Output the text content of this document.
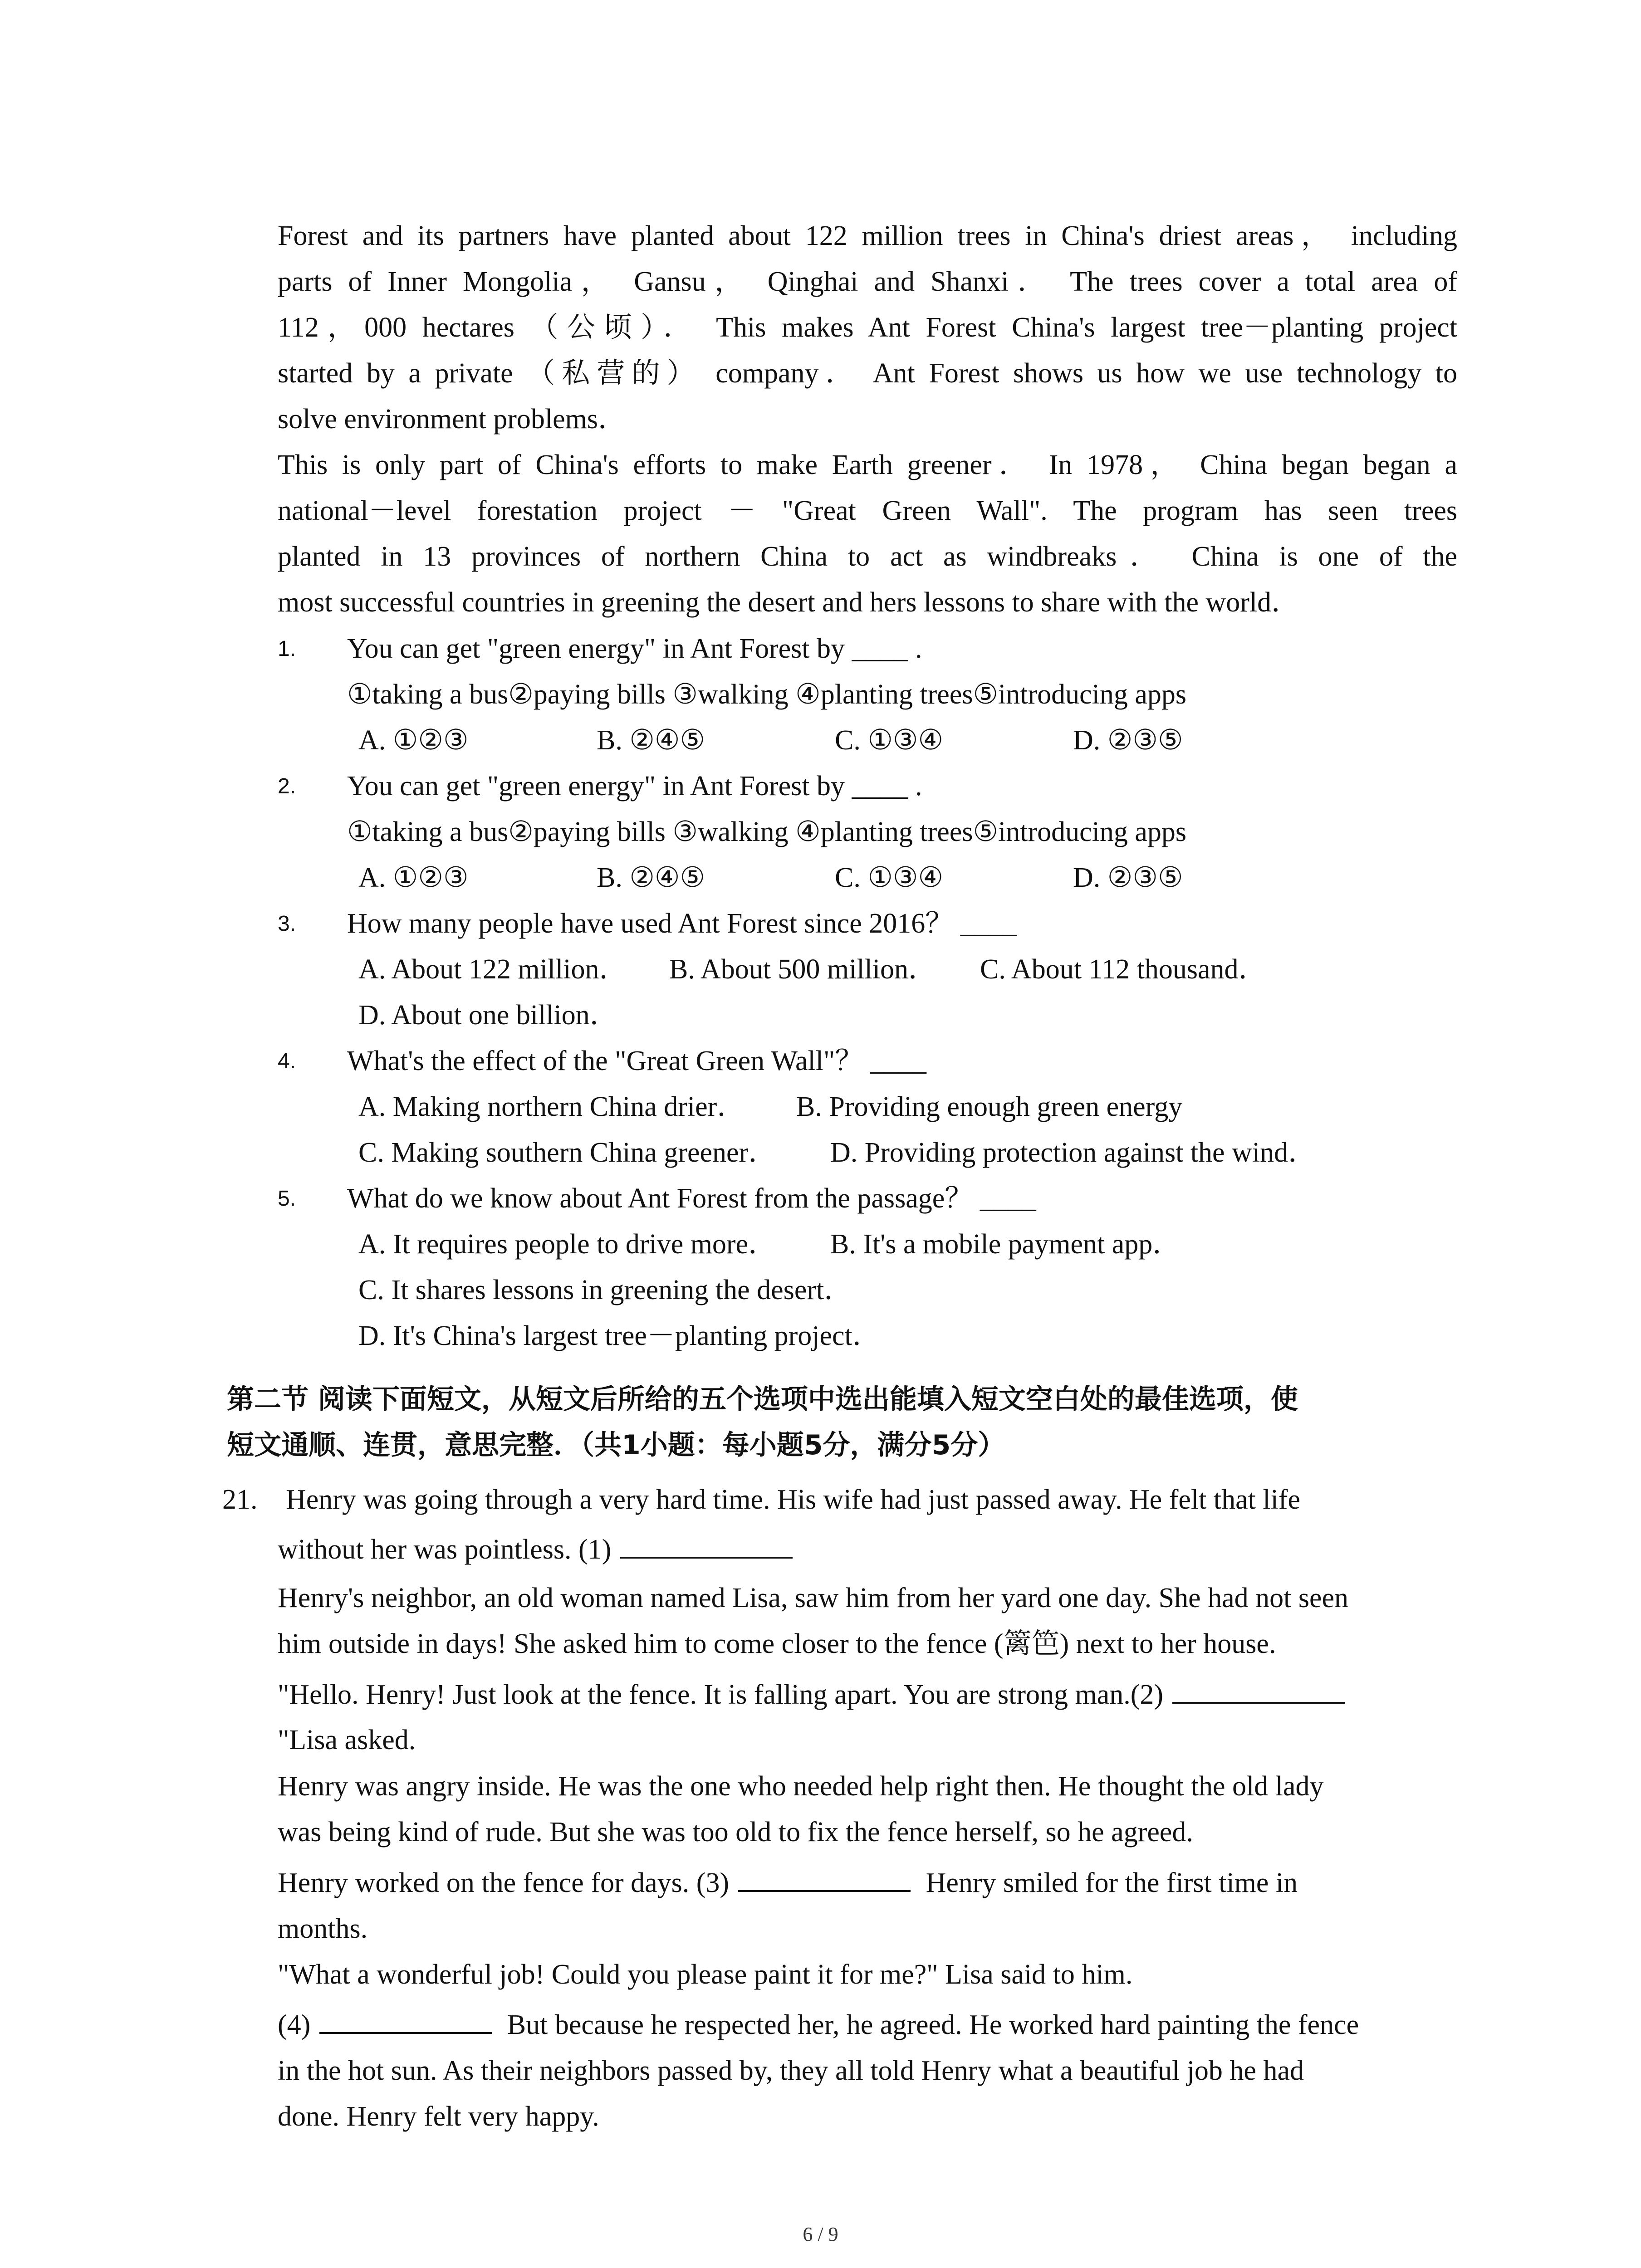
Forest and its partners have planted about 122 million trees in China's driest areas， including
parts of Inner Mongolia， Gansu， Qinghai and Shanxi． The trees cover a total area of
112，000 hectares （公顷）． This makes Ant Forest China's largest tree－planting project
started by a private （私营的） company． Ant Forest shows us how we use technology to
solve environment problems．
This is only part of China's efforts to make Earth greener． In 1978， China began began a
national－level forestation project － "Great Green Wall". The program has seen trees
planted in 13 provinces of northern China to act as windbreaks． China is one of the
most successful countries in greening the desert and hers lessons to share with the world．
1. You can get "green energy" in Ant Forest by ____ .
①taking a bus②paying bills ③walking ④planting trees⑤introducing apps
A. ①②③	B. ②④⑤	C. ①③④	D. ②③⑤
2. You can get "green energy" in Ant Forest by ____ .
①taking a bus②paying bills ③walking ④planting trees⑤introducing apps
A. ①②③	B. ②④⑤	C. ①③④	D. ②③⑤
3. How many people have used Ant Forest since 2016？ ____
A. About 122 million． B. About 500 million． C. About 112 thousand．
D. About one billion．
4. What's the effect of the "Great Green Wall"？ ____
A. Making northern China drier． B. Providing enough green energy
C. Making southern China greener． D. Providing protection against the wind．
5. What do we know about Ant Forest from the passage？ ____
A. It requires people to drive more． B. It's a mobile payment app．
C. It shares lessons in greening the desert．
D. It's China's largest tree－planting project．
第二节 阅读下面短文，从短文后所给的五个选项中选出能填入短文空白处的最佳选项，使
短文通顺、连贯，意思完整．（共1小题：每小题5分，满分5分）
21. Henry was going through a very hard time. His wife had just passed away. He felt that life
without her was pointless. (1)
Henry's neighbor, an old woman named Lisa, saw him from her yard one day. She had not seen
him outside in days! She asked him to come closer to the fence (篱笆) next to her house.
"Hello. Henry! Just look at the fence. It is falling apart. You are strong man.(2)
"Lisa asked.
Henry was angry inside. He was the one who needed help right then. He thought the old lady
was being kind of rude. But she was too old to fix the fence herself, so he agreed.
Henry worked on the fence for days. (3)	Henry smiled for the first time in
months.
"What a wonderful job! Could you please paint it for me?" Lisa said to him.
(4)	But because he respected her, he agreed. He worked hard painting the fence
in the hot sun. As their neighbors passed by, they all told Henry what a beautiful job he had
done. Henry felt very happy.
6 / 9
